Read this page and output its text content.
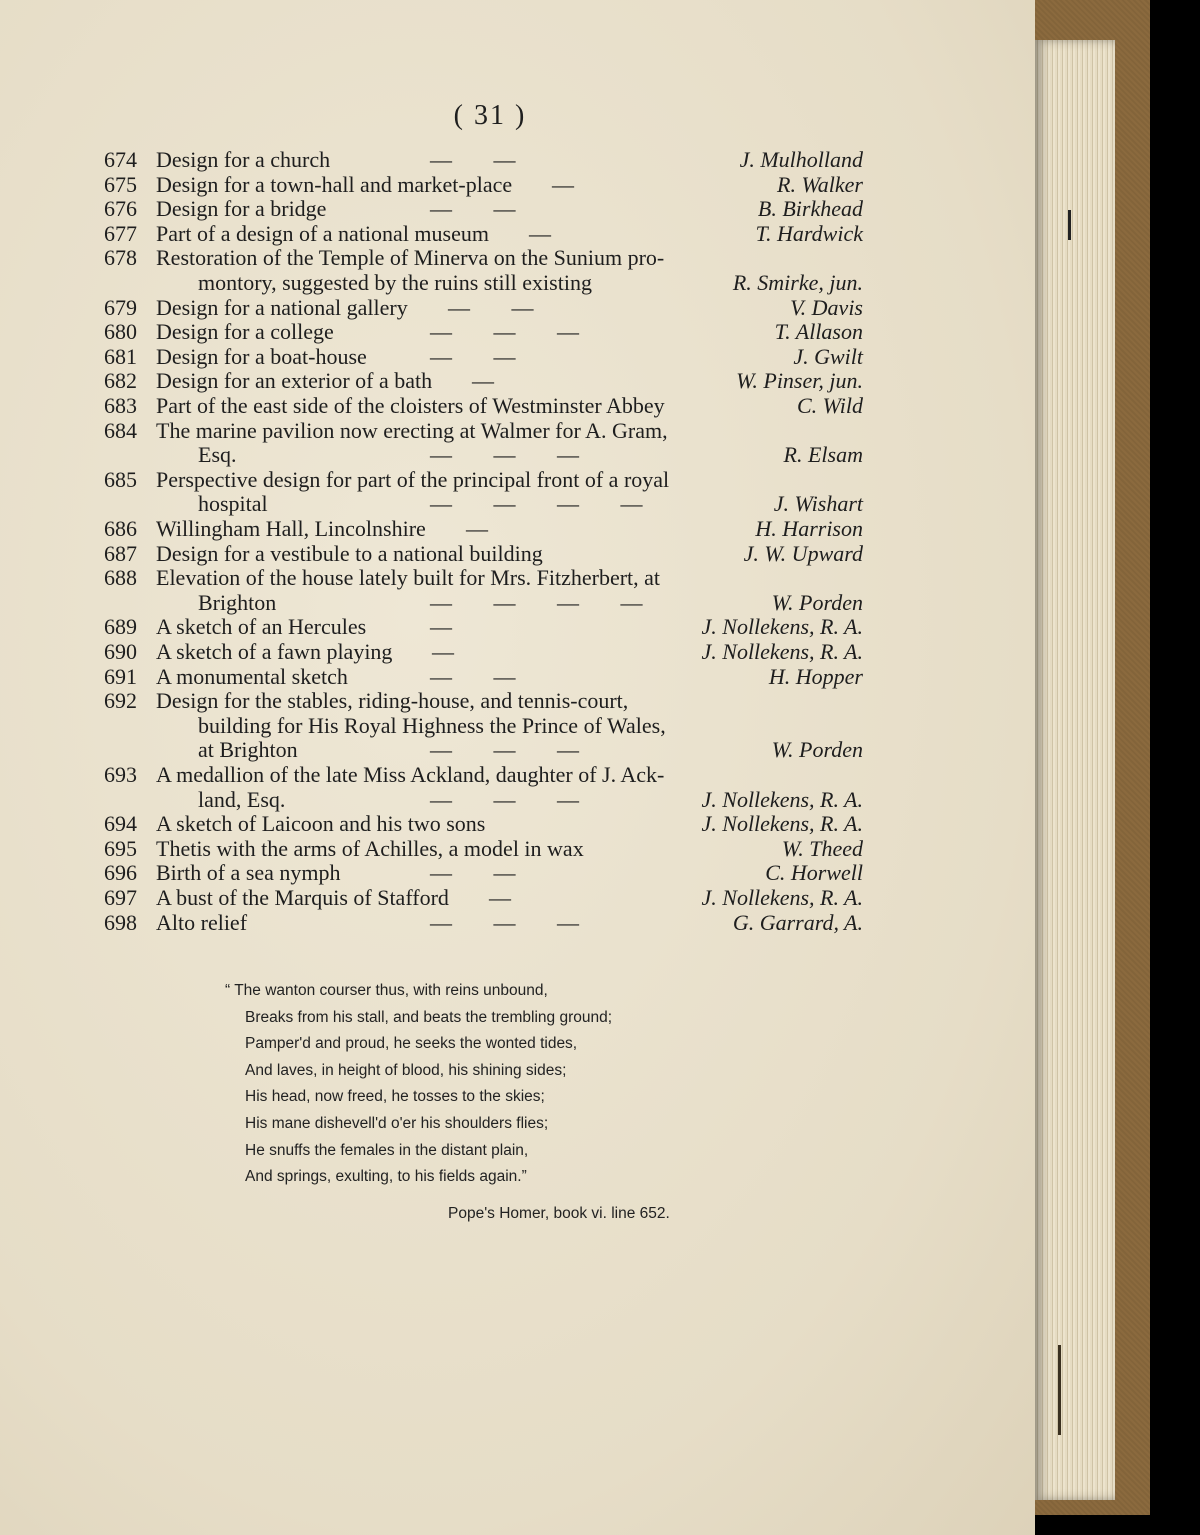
( 31 )
674 Design for a church	— —	J. Mulholland
675 Design for a town-hall and market-place —	R. Walker
676 Design for a bridge	— —	B. Birkhead
677 Part of a design of a national museum —	T. Hardwick
678 Restoration of the Temple of Minerva on the Sunium pro-
montory, suggested by the ruins still existing	R. Smirke, jun.
679 Design for a national gallery — —	V. Davis
680 Design for a college	— — —	T. Allason
681 Design for a boat-house	— —	J. Gwilt
682 Design for an exterior of a bath —	W. Pinser, jun.
683 Part of the east side of the cloisters of Westminster Abbey	C. Wild
684 The marine pavilion now erecting at Walmer for A. Gram,
Esq.	— — —	R. Elsam
685 Perspective design for part of the principal front of a royal
hospital	— — — —	J. Wishart
686 Willingham Hall, Lincolnshire —	H. Harrison
687 Design for a vestibule to a national building	J. W. Upward
688 Elevation of the house lately built for Mrs. Fitzherbert, at
Brighton	— — — —	W. Porden
689 A sketch of an Hercules	—	J. Nollekens, R. A.
690 A sketch of a fawn playing —	J. Nollekens, R. A.
691 A monumental sketch	— —	H. Hopper
692 Design for the stables, riding-house, and tennis-court,
building for His Royal Highness the Prince of Wales,
at Brighton	— — —	W. Porden
693 A medallion of the late Miss Ackland, daughter of J. Ack-
land, Esq.	— — —	J. Nollekens, R. A.
694 A sketch of Laicoon and his two sons	J. Nollekens, R. A.
695 Thetis with the arms of Achilles, a model in wax	W. Theed
696 Birth of a sea nymph	— —	C. Horwell
697 A bust of the Marquis of Stafford —	J. Nollekens, R. A.
698 Alto relief	— — —	G. Garrard, A.
“ The wanton courser thus, with reins unbound,
Breaks from his stall, and beats the trembling ground;
Pamper'd and proud, he seeks the wonted tides,
And laves, in height of blood, his shining sides;
His head, now freed, he tosses to the skies;
His mane dishevell'd o'er his shoulders flies;
He snuffs the females in the distant plain,
And springs, exulting, to his fields again.”
Pope's Homer, book vi. line 652.
